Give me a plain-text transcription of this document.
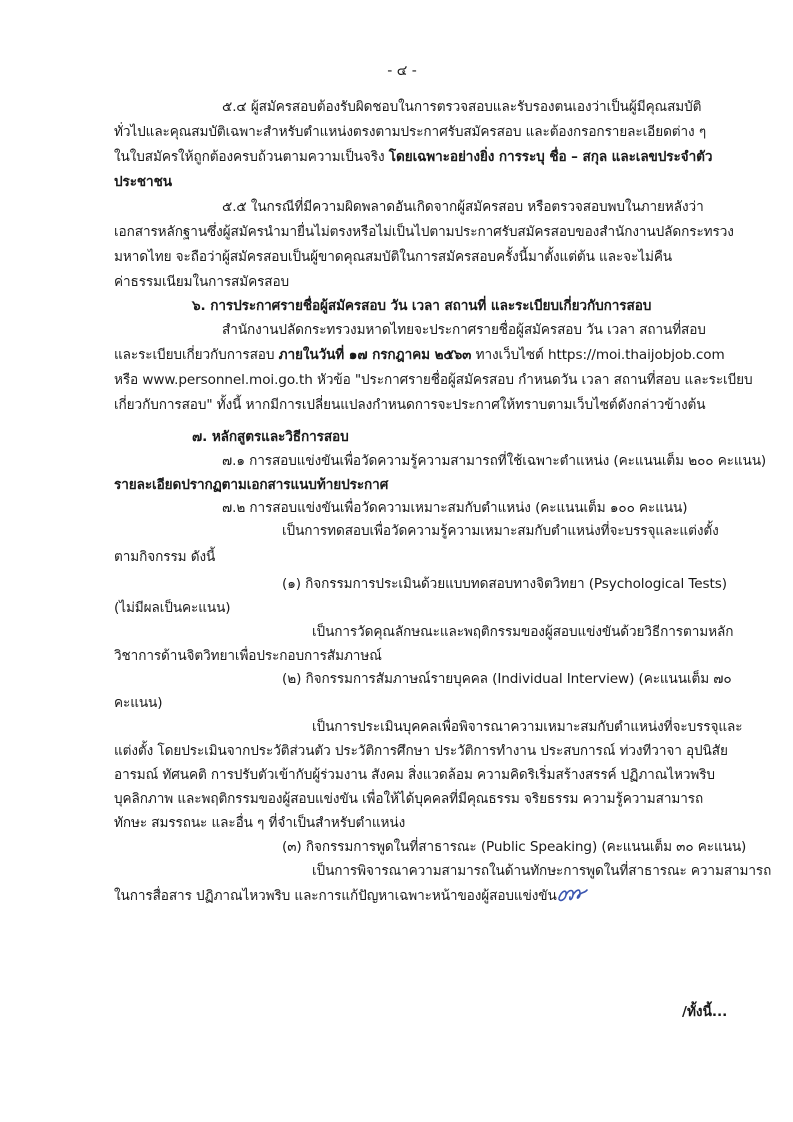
- ๔ -
๕.๔ ผู้สมัครสอบต้องรับผิดชอบในการตรวจสอบและรับรองตนเองว่าเป็นผู้มีคุณสมบัติ
ทั่วไปและคุณสมบัติเฉพาะสำหรับตำแหน่งตรงตามประกาศรับสมัครสอบ และต้องกรอกรายละเอียดต่าง ๆ
ในใบสมัครให้ถูกต้องครบถ้วนตามความเป็นจริง โดยเฉพาะอย่างยิ่ง การระบุ ชื่อ – สกุล และเลขประจำตัว
ประชาชน
๕.๕ ในกรณีที่มีความผิดพลาดอันเกิดจากผู้สมัครสอบ หรือตรวจสอบพบในภายหลังว่า
เอกสารหลักฐานซึ่งผู้สมัครนำมายื่นไม่ตรงหรือไม่เป็นไปตามประกาศรับสมัครสอบของสำนักงานปลัดกระทรวง
มหาดไทย จะถือว่าผู้สมัครสอบเป็นผู้ขาดคุณสมบัติในการสมัครสอบครั้งนี้มาตั้งแต่ต้น และจะไม่คืน
ค่าธรรมเนียมในการสมัครสอบ
๖. การประกาศรายชื่อผู้สมัครสอบ วัน เวลา สถานที่ และระเบียบเกี่ยวกับการสอบ
สำนักงานปลัดกระทรวงมหาดไทยจะประกาศรายชื่อผู้สมัครสอบ วัน เวลา สถานที่สอบ
และระเบียบเกี่ยวกับการสอบ ภายในวันที่ ๑๗ กรกฎาคม ๒๕๖๓ ทางเว็บไซต์ https://moi.thaijobjob.com
หรือ www.personnel.moi.go.th หัวข้อ "ประกาศรายชื่อผู้สมัครสอบ กำหนดวัน เวลา สถานที่สอบ และระเบียบ
เกี่ยวกับการสอบ" ทั้งนี้ หากมีการเปลี่ยนแปลงกำหนดการจะประกาศให้ทราบตามเว็บไซต์ดังกล่าวข้างต้น
๗. หลักสูตรและวิธีการสอบ
๗.๑ การสอบแข่งขันเพื่อวัดความรู้ความสามารถที่ใช้เฉพาะตำแหน่ง (คะแนนเต็ม ๒๐๐ คะแนน)
รายละเอียดปรากฏตามเอกสารแนบท้ายประกาศ
๗.๒ การสอบแข่งขันเพื่อวัดความเหมาะสมกับตำแหน่ง (คะแนนเต็ม ๑๐๐ คะแนน)
เป็นการทดสอบเพื่อวัดความรู้ความเหมาะสมกับตำแหน่งที่จะบรรจุและแต่งตั้ง
ตามกิจกรรม ดังนี้
(๑) กิจกรรมการประเมินด้วยแบบทดสอบทางจิตวิทยา (Psychological Tests)
(ไม่มีผลเป็นคะแนน)
เป็นการวัดคุณลักษณะและพฤติกรรมของผู้สอบแข่งขันด้วยวิธีการตามหลัก
วิชาการด้านจิตวิทยาเพื่อประกอบการสัมภาษณ์
(๒) กิจกรรมการสัมภาษณ์รายบุคคล (Individual Interview) (คะแนนเต็ม ๗๐
คะแนน)
เป็นการประเมินบุคคลเพื่อพิจารณาความเหมาะสมกับตำแหน่งที่จะบรรจุและ
แต่งตั้ง โดยประเมินจากประวัติส่วนตัว ประวัติการศึกษา ประวัติการทำงาน ประสบการณ์ ท่วงทีวาจา อุปนิสัย
อารมณ์ ทัศนคติ การปรับตัวเข้ากับผู้ร่วมงาน สังคม สิ่งแวดล้อม ความคิดริเริ่มสร้างสรรค์ ปฏิภาณไหวพริบ
บุคลิกภาพ และพฤติกรรมของผู้สอบแข่งขัน เพื่อให้ได้บุคคลที่มีคุณธรรม จริยธรรม ความรู้ความสามารถ
ทักษะ สมรรถนะ และอื่น ๆ ที่จำเป็นสำหรับตำแหน่ง
(๓) กิจกรรมการพูดในที่สาธารณะ (Public Speaking) (คะแนนเต็ม ๓๐ คะแนน)
เป็นการพิจารณาความสามารถในด้านทักษะการพูดในที่สาธารณะ ความสามารถ
ในการสื่อสาร ปฏิภาณไหวพริบ และการแก้ปัญหาเฉพาะหน้าของผู้สอบแข่งขัน
/ทั้งนี้...
